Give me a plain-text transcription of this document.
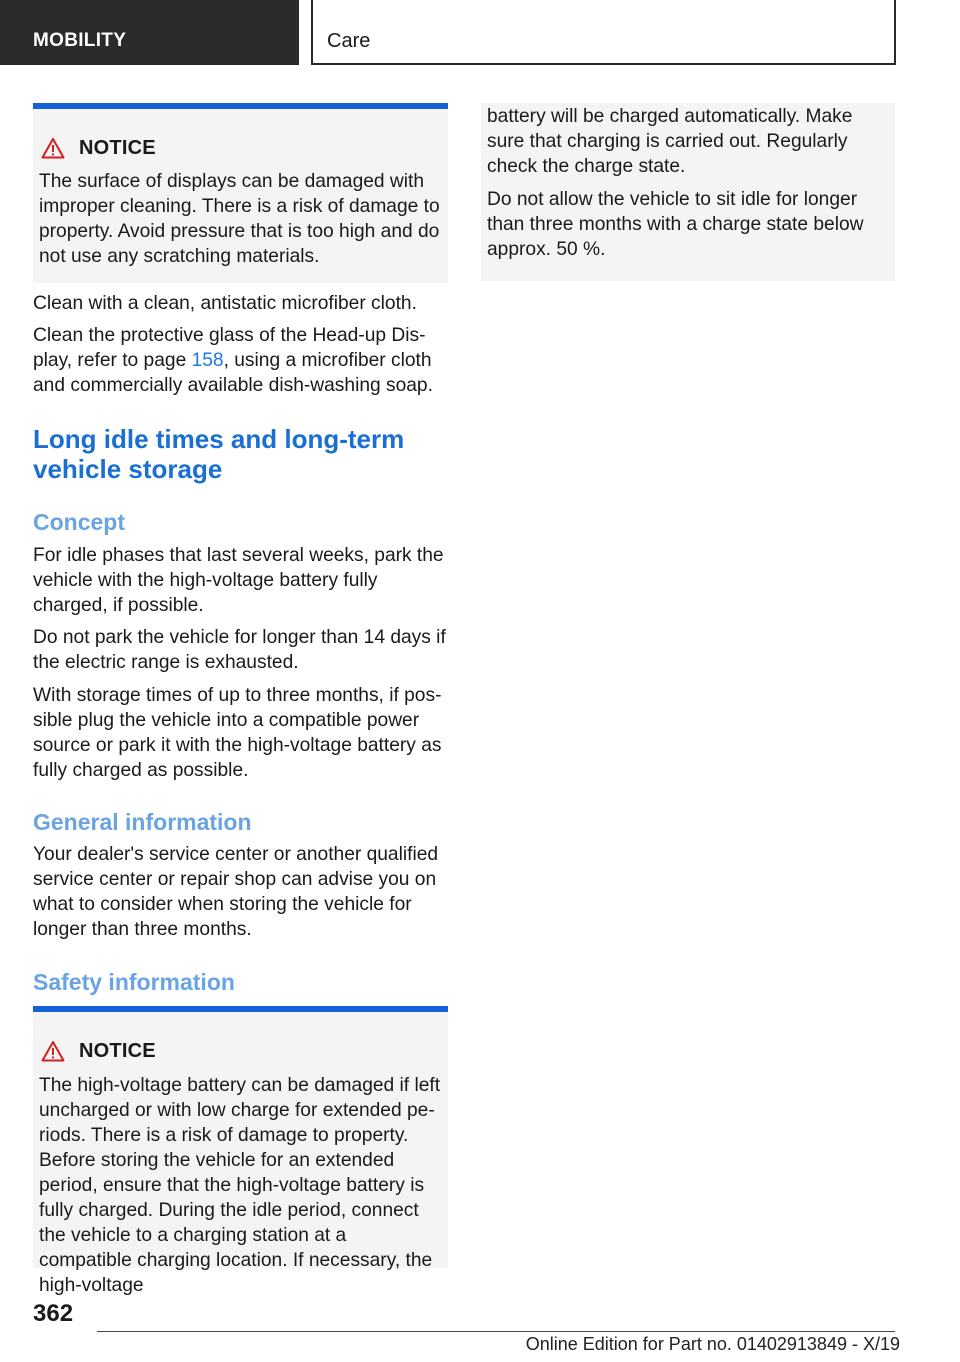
MOBILITY	Care
NOTICE
The surface of displays can be damaged with improper cleaning. There is a risk of damage to property. Avoid pressure that is too high and do not use any scratching materials.
Clean with a clean, antistatic microfiber cloth.
Clean the protective glass of the Head-up Display, refer to page 158, using a microfiber cloth and commercially available dish-washing soap.
Long idle times and long-term vehicle storage
Concept
For idle phases that last several weeks, park the vehicle with the high-voltage battery fully charged, if possible.
Do not park the vehicle for longer than 14 days if the electric range is exhausted.
With storage times of up to three months, if possible plug the vehicle into a compatible power source or park it with the high-voltage battery as fully charged as possible.
General information
Your dealer's service center or another qualified service center or repair shop can advise you on what to consider when storing the vehicle for longer than three months.
Safety information
NOTICE
The high-voltage battery can be damaged if left uncharged or with low charge for extended periods. There is a risk of damage to property. Before storing the vehicle for an extended period, ensure that the high-voltage battery is fully charged. During the idle period, connect the vehicle to a charging station at a compatible charging location. If necessary, the high-voltage
battery will be charged automatically. Make sure that charging is carried out. Regularly check the charge state.
Do not allow the vehicle to sit idle for longer than three months with a charge state below approx. 50 %.
362
Online Edition for Part no. 01402913849 - X/19
